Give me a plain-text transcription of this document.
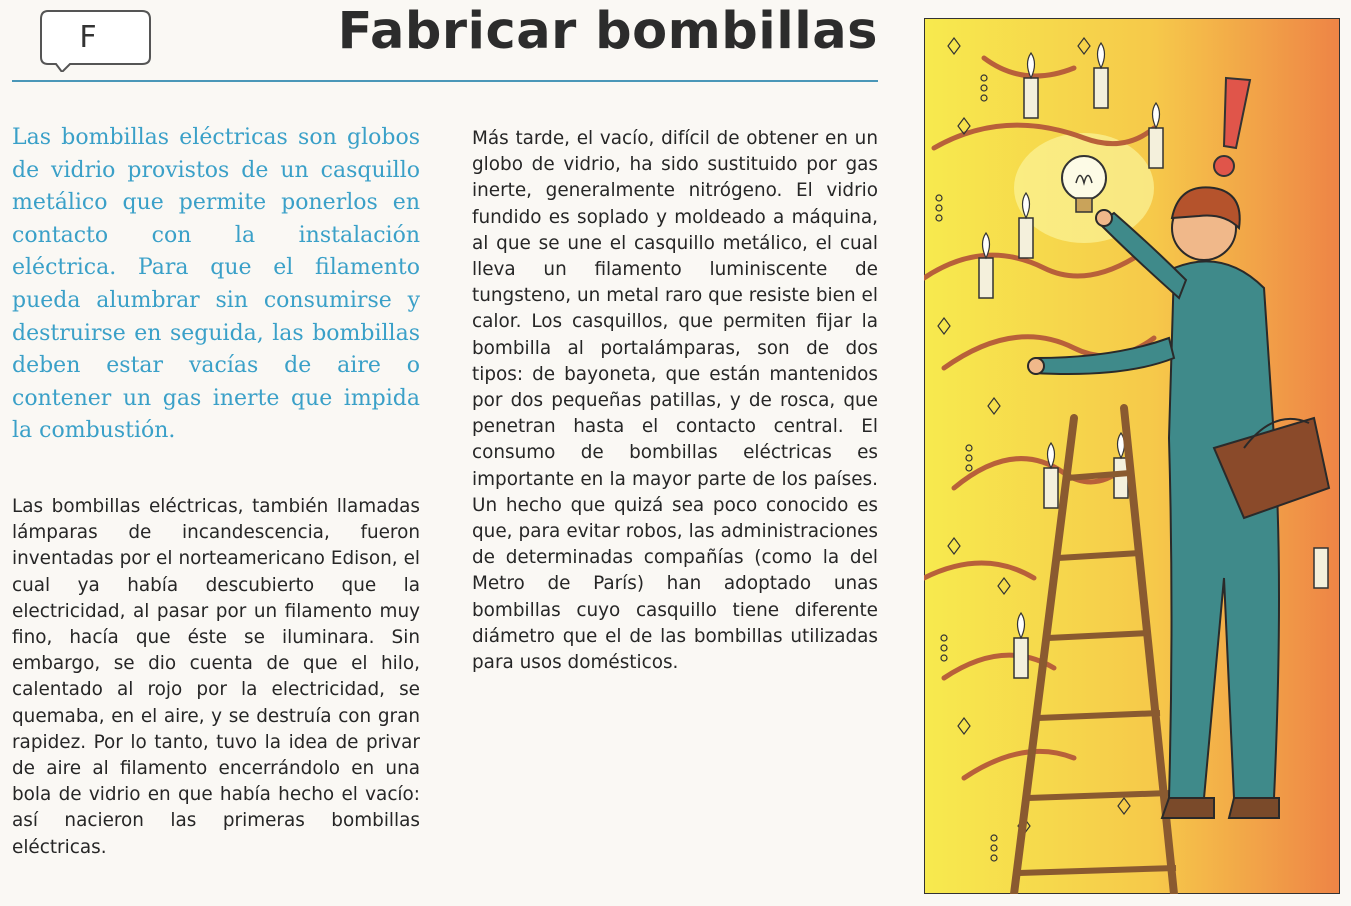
F	Fabricar bombillas
Las bombillas eléctricas son globos de vidrio provistos de un casquillo metálico que permite ponerlos en contacto con la instalación eléctrica. Para que el filamento pueda alumbrar sin consumirse y destruirse en seguida, las bombillas deben estar vacías de aire o contener un gas inerte que impida la combustión.
Las bombillas eléctricas, también llamadas lámparas de incandescencia, fueron inventadas por el norteamericano Edison, el cual ya había descubierto que la electricidad, al pasar por un filamento muy fino, hacía que éste se iluminara. Sin embargo, se dio cuenta de que el hilo, calentado al rojo por la electricidad, se quemaba, en el aire, y se destruía con gran rapidez. Por lo tanto, tuvo la idea de privar de aire al filamento encerrándolo en una bola de vidrio en que había hecho el vacío: así nacieron las primeras bombillas eléctricas.
Más tarde, el vacío, difícil de obtener en un globo de vidrio, ha sido sustituido por gas inerte, generalmente nitrógeno. El vidrio fundido es soplado y moldeado a máquina, al que se une el casquillo metálico, el cual lleva un filamento luminiscente de tungsteno, un metal raro que resiste bien el calor. Los casquillos, que permiten fijar la bombilla al portalámparas, son de dos tipos: de bayoneta, que están mantenidos por dos pequeñas patillas, y de rosca, que penetran hasta el contacto central. El consumo de bombillas eléctricas es importante en la mayor parte de los países. Un hecho que quizá sea poco conocido es que, para evitar robos, las administraciones de determinadas compañías (como la del Metro de París) han adoptado unas bombillas cuyo casquillo tiene diferente diámetro que el de las bombillas utilizadas para usos domésticos.
